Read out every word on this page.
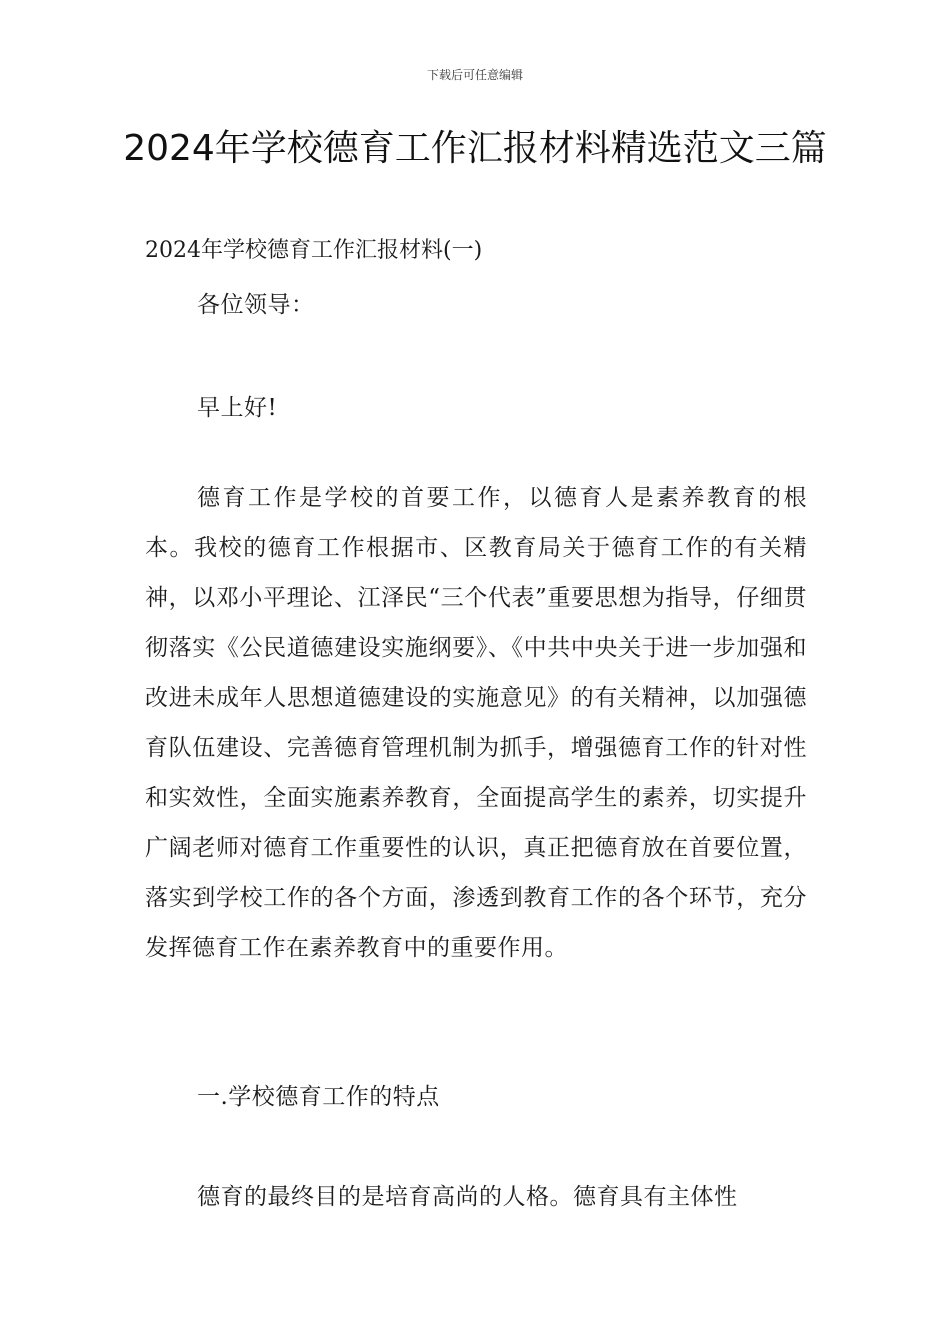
下载后可任意编辑
2024年学校德育工作汇报材料精选范文三篇

2024年学校德育工作汇报材料(一)

各位领导：

早上好!

德育工作是学校的首要工作，以德育人是素养教育的根本。我校的德育工作根据市、区教育局关于德育工作的有关精神，以邓小平理论、江泽民“三个代表”重要思想为指导，仔细贯彻落实《公民道德建设实施纲要》、《中共中央关于进一步加强和改进未成年人思想道德建设的实施意见》的有关精神，以加强德育队伍建设、完善德育管理机制为抓手，增强德育工作的针对性和实效性，全面实施素养教育，全面提高学生的素养，切实提升广阔老师对德育工作重要性的认识，真正把德育放在首要位置，落实到学校工作的各个方面，渗透到教育工作的各个环节，充分发挥德育工作在素养教育中的重要作用。

一.学校德育工作的特点

德育的最终目的是培育高尚的人格。德育具有主体性
